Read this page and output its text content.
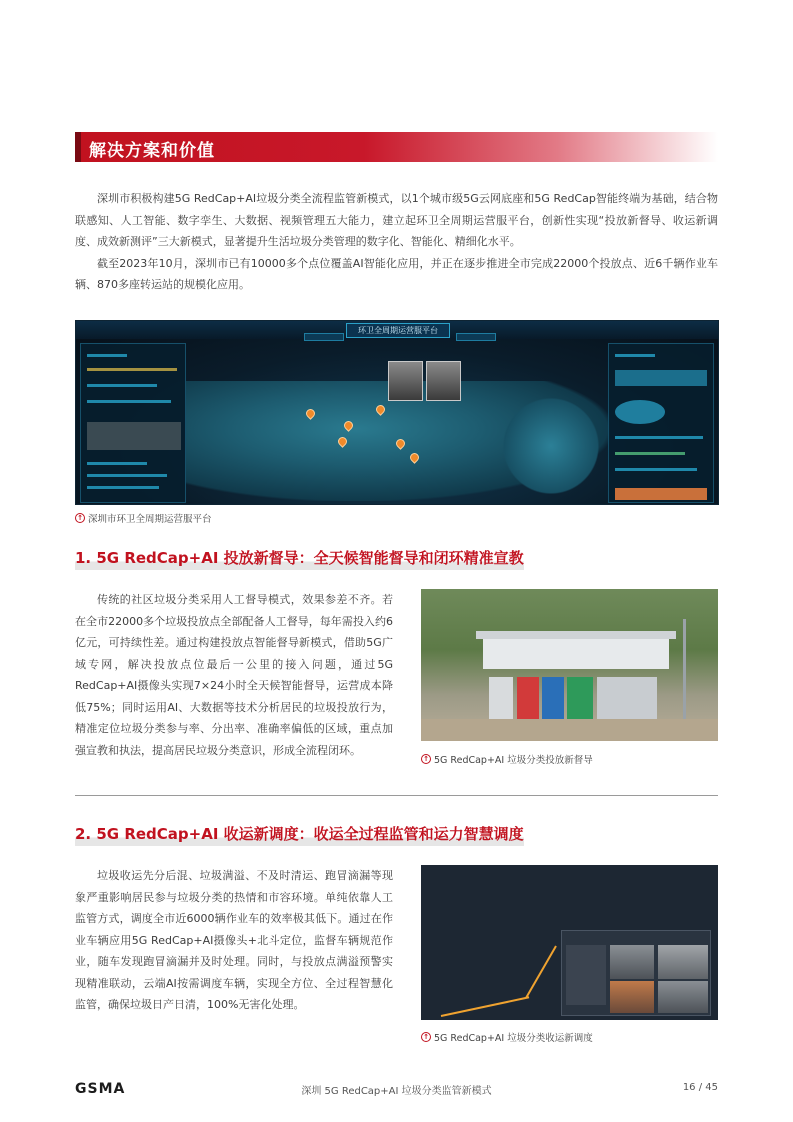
解决方案和价值

深圳市积极构建5G RedCap+AI垃圾分类全流程监管新模式，以1个城市级5G云网底座和5G RedCap智能终端为基础，结合物联感知、人工智能、数字孪生、大数据、视频管理五大能力，建立起环卫全周期运营服平台，创新性实现“投放新督导、收运新调度、成效新测评”三大新模式，显著提升生活垃圾分类管理的数字化、智能化、精细化水平。

截至2023年10月，深圳市已有10000多个点位覆盖AI智能化应用，并正在逐步推进全市完成22000个投放点、近6千辆作业车辆、870多座转运站的规模化应用。

环卫全周期运营服平台
↑ 深圳市环卫全周期运营服平台
1. 5G RedCap+AI 投放新督导：全天候智能督导和闭环精准宣教

传统的社区垃圾分类采用人工督导模式，效果参差不齐。若在全市22000多个垃圾投放点全部配备人工督导，每年需投入约6亿元，可持续性差。通过构建投放点智能督导新模式，借助5G广域专网，解决投放点位最后一公里的接入问题，通过5G RedCap+AI摄像头实现7×24小时全天候智能督导，运营成本降低75%；同时运用AI、大数据等技术分析居民的垃圾投放行为，精准定位垃圾分类参与率、分出率、准确率偏低的区域，重点加强宣教和执法，提高居民垃圾分类意识，形成全流程闭环。

↑ 5G RedCap+AI 垃圾分类投放新督导
2. 5G RedCap+AI 收运新调度：收运全过程监管和运力智慧调度

垃圾收运先分后混、垃圾满溢、不及时清运、跑冒滴漏等现象严重影响居民参与垃圾分类的热情和市容环境。单纯依靠人工监管方式，调度全市近6000辆作业车的效率极其低下。通过在作业车辆应用5G RedCap+AI摄像头+北斗定位，监督车辆规范作业，随车发现跑冒滴漏并及时处理。同时，与投放点满溢预警实现精准联动，云端AI按需调度车辆，实现全方位、全过程智慧化监管，确保垃圾日产日清，100%无害化处理。

↑ 5G RedCap+AI 垃圾分类收运新调度
GSMA	深圳 5G RedCap+AI 垃圾分类监管新模式	16 / 45
